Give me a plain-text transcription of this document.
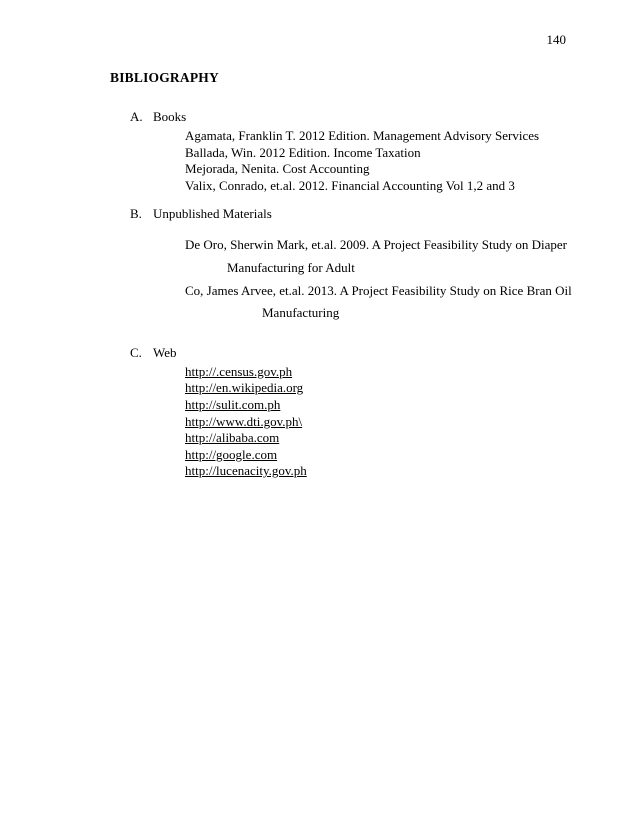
140
BIBLIOGRAPHY
A. Books
Agamata, Franklin T. 2012 Edition. Management Advisory Services
Ballada, Win. 2012 Edition. Income Taxation
Mejorada, Nenita. Cost Accounting
Valix, Conrado, et.al. 2012. Financial Accounting Vol 1,2 and 3
B. Unpublished Materials
De Oro, Sherwin Mark, et.al. 2009. A Project Feasibility Study on Diaper
Manufacturing for Adult
Co, James Arvee, et.al. 2013. A Project Feasibility Study on Rice Bran Oil
Manufacturing
C. Web
http://.census.gov.ph
http://en.wikipedia.org
http://sulit.com.ph
http://www.dti.gov.ph\
http://alibaba.com
http://google.com
http://lucenacity.gov.ph
